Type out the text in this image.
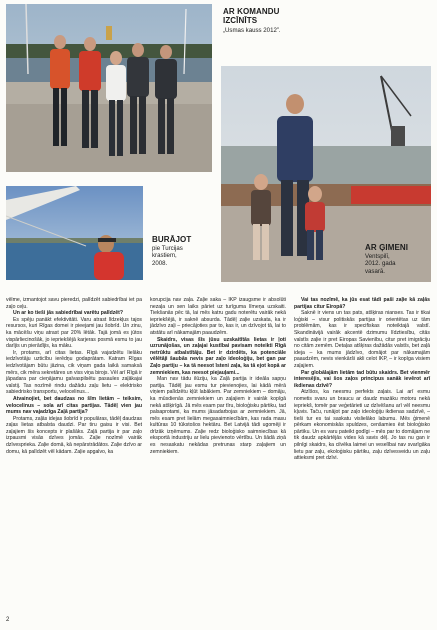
AR KOMANDU
IZCĪNĪTS
„Usmas kauss 2012”.
BURĀJOT
pie Turcijas
krastiem,
2008.
AR ĢIMENI
Ventspilī,
2012. gada
vasarā.

vēlme, izmantojot savu pieredzi, palīdzēt sabiedrībai iet pa zaļo ceļu.

Un ar ko tieši jās sabiedrībai varētu palīdzēt?

Es spēju panākt efektivitāti. Varu atrast līdzekļus tajos resursos, kuri Rīgas domei ir pieejami jau šobrīd. Un zinu, ka mācēšu viņu atrast par 20% lētāk. Tajā jomā es jūtos vispārliecinošāk, jo iepriekšējā karjeras posmā esmu to jau darījis un pierādījis, ka māku.

Ir, protams, arī citas lietas. Rīgā vajadzētu lielāku iedzīvotāju uzticību ierēdņu godaprātam. Katram Rīgas iedzīvotājam būtu jāzina, cik viņam gada laikā samaksā mērs, cik mēra sekretāres un viss viņa birojs. Vēl arī Rīgā ir jāpadara par cieņājamu galvaspilsētu pasaules zaļākajai valstij. Tas nozīmē rindu dažādu zaļu lietu – elektrisko sabiedrisko transportu, velocelinus...

Atvainojiet, bet daudzas no šīm lietām – teiksim, velocelinus – sola arī citas partijas. Tādēļ vien jau mums nav vajadzīga Zaļā partija?

Protams, zaļās idejas šobrīd ir populāras, tādēļ daudzas zaļas lietas atbalsta daudzi. Par tiru gaisu ir visi. Bet zaļajiem šis koncepts ir plašāks. Zaļā partija ir par zaļo izpausmi visās dzīves jomās. Zaļie nozīmē vairāk dzīvesprieka. Zaļie domā, kā nepārstrādātos. Zaļie dzīvo ar domu, kā palīdzēt vēl kādam. Zaļie apgalvo, ka

korupcija nav zaļa. Zaļie saka – IKP izaugsme ir absolūti nezaļa un sen laiks pāriet uz turīgumа līmeņa uzskaiti. Tiekšanās pēc tā, lai mēs katru gadu noterētu vairāk nekā iepriekšējā, ir saknē absurda. Tādēļ zaļie uzskata, ka ir jādzīvo zaļi – priecājoties par to, kas ir, un dzīvojot tā, lai to atstātu arī nākamajām paaudzēm.

Skaidrs, visas šīs jūsu uzskaitītās lietas ir ļoti uzrunājošas, un zaļajai kustībai pavisam noteikti Rīgā netrūktu atbalstītāju. Bet ir dzirdēts, ka potenciāle vēlētāji šaubās nevis par zaļo ideoloģiju, bet gan par Zaļo partiju – ka tā neesot īsteni zaļa, ka tā ejot kopā ar zemniekiem, kas neesot piejauļami...

Man nav tādu ilūziju, ka Zaļā partija ir ideāla sapņu partija. Tādēļ jau esmu tur pievienojies, lai kādā mērā viņiem palīdzētu kļūt labākiem. Par zemniekiem – domāju, ka mūsdienās zemniekiem un zaļajiem ir vairāk kopīgā nekā atšķirīgā. Jā mēs esam par tīru, bioloģisku pārtiku, tad palsaprotami, ka mums jāsadarbojas ar zemniekiem. Jā, mēs esam pret lielām megasaimniecībām, kas rada masu kultūras 10 tūkstošos hektāru. Bet Latvijā tādi ugomēji ir drīzāk izņēmums. Zaļie redz bioloģisko saimniecības kā eksportā industriju ar lielu pievienoto vērtību. Un šādā ziņā es nesaskatu nekādas pretrunas starp zaļajiem un zemniekiem.

Vai tas nozīmē, ka jūs esat tādi paši zaļie kā zaļās partijas citur Eiropā?

Saknē ir viens un tas pats, atšķiras nianses. Tas ir tikai loģiski – visur politiskās partijas ir orientētas uz tām problēmām, kas ir specifiskas noteiktajā valstī. Skandināvijā vairāk akcentē dzimumu līdztiesību, citās valstīs zaļie ir pret Eiropas Savienību, citur pret imigrāciju no citām zemēm. Detaļas atšķiras dažādās valstīs, bet zaļā ideja – ka mums jādzīvo, domājot par nākamajām paaudzēm, nevis vienkārši akli celot IKP, – ir kopīga visiem zaļajiem.

Par globālajām lietām tad būtu skaidrs. Bet vienmēr interesējis, vai šos zaļos principus sanāk ievērot arī ikdienas dzīvē?

Atzīšos, ka neesmu perfekts zaļais. Lai arī esmu nometis svaru un braucu ar daudz mazāku motoru nekā iepriekš, tomēr par veģetārieti uz dzīvēšanu arī vēl neesmu kļuvis. Taču, runājot par zaļo ideoloģiju ikdienas sadzīvē, – tieši tur es tai saskatu vislielāko labumu. Mēs ģimenē pērkam ekonomiskās spuldzes, cenšamies ēst bioloģisko pārtiku. Un es varu pateikt godīgi – mēs par to domājam ne tik daudz apkārtējās vides kā savis dēļ. Jo tas nu gan ir pilnīgi skaidrs, ka cilvēka laimei un veselībai nav svarīgāka lietu par zaļu, ekoloģisku pārtiku, zaļu dzīvesveidu un zaļu attieksmi pret dzīvi.

2
